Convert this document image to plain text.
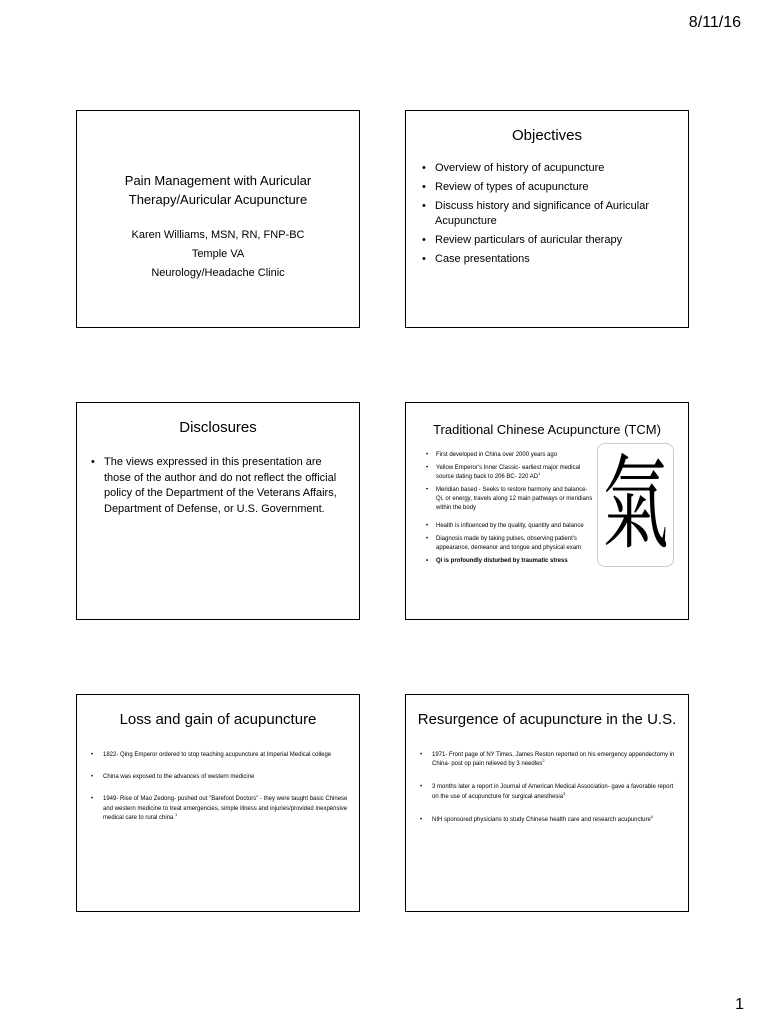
8/11/16
Pain Management with Auricular
Therapy/Auricular Acupuncture
Karen Williams, MSN, RN, FNP-BC
Temple VA
Neurology/Headache Clinic
Objectives
• Overview of history of acupuncture
• Review of types of acupuncture
• Discuss history and significance of Auricular Acupuncture
• Review particulars of auricular therapy
• Case presentations
Disclosures
• The views expressed in this presentation are those of the author and do not reflect the official policy of the Department of the Veterans Affairs, Department of Defense, or U.S. Government.
Traditional Chinese Acupuncture (TCM)
• First developed in China over 2000 years ago
• Yellow Emperor's Inner Classic- earliest major medical source dating back to 206 BC- 220 $AD^1$
• Meridian based - Seeks to restore harmony and balance- Qi, or energy, travels along 12 main pathways or meridians within the body
• Health is influenced by the quality, quantity and balance
• Diagnosis made by taking pulses, observing patient's appearance, demeanor and tongue and physical exam
• Qi is profoundly disturbed by traumatic stress 氣
Loss and gain of acupuncture
• 1822- Qing Emperor ordered to stop teaching acupuncture at Imperial Medical college
• China was exposed to the advances of western medicine
• 1949- Rise of Mao Zedong- pushed out "Barefoot Doctors" - they were taught basic Chinese and western medicine to treat emergencies, simple illness and injuries/provided inexpensive medical care to rural china $^1$
Resurgence of acupuncture in the U.S.
• 1971- Front page of NY Times, James Reston reported on his emergency appendectomy in China- post op pain relieved by 3 needles$^2$
• 3 months later a report in Journal of American Medical Association- gave a favorable report on the use of acupuncture for surgical anesthesia$^3$
• NIH sponsored physicians to study Chinese health care and research acupuncture$^4$
1
